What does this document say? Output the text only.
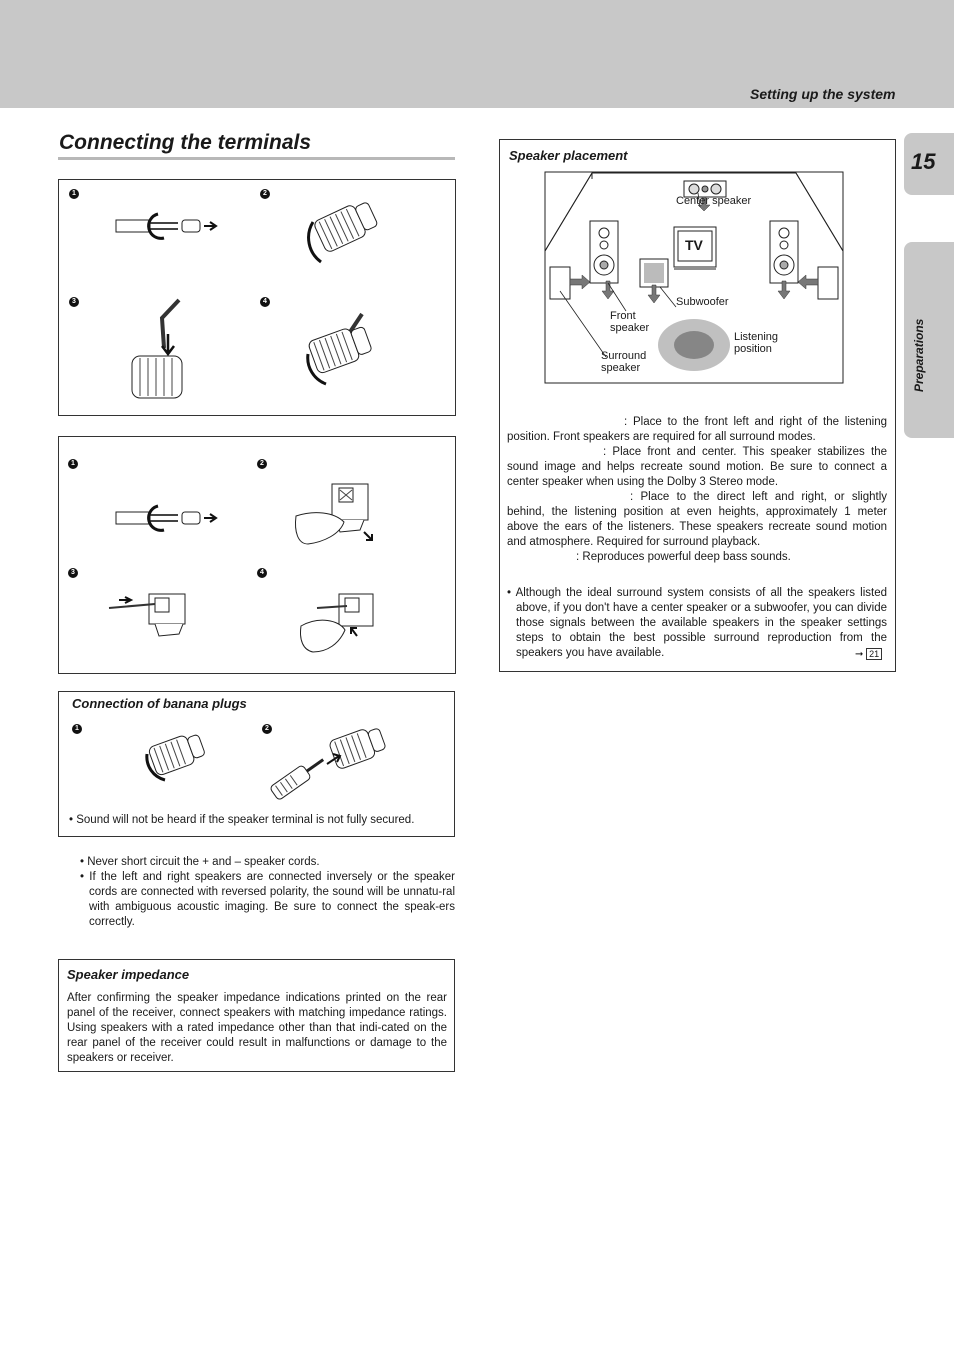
Setting up the system
15
Preparations
Connecting the terminals
1	2
3	4
1	2
3	4
Connection of banana plugs
1	2
• Sound will not be heard if the speaker terminal is not fully secured.
• Never short circuit the + and – speaker cords.
• If the left and right speakers are connected inversely or the speaker cords are connected with reversed polarity, the sound will be unnatu-ral with ambiguous acoustic imaging. Be sure to connect the speak-ers correctly.
Speaker impedance
After confirming the speaker impedance indications printed on the rear panel of the receiver, connect speakers with matching impedance ratings. Using speakers with a rated impedance other than that indi-cated on the rear panel of the receiver could result in malfunctions or damage to the speakers or receiver.
Speaker placement
Center speaker
TV
Subwoofer
Front speaker
Listening position
Surround speaker
: Place to the front left and right of the listening position. Front speakers are required for all surround modes.
: Place front and center. This speaker stabilizes the sound image and helps recreate sound motion. Be sure to connect a center speaker when using the Dolby 3 Stereo mode.
: Place to the direct left and right, or slightly behind, the listening position at even heights, approximately 1 meter above the ears of the listeners. These speakers recreate sound motion and atmosphere. Required for surround playback.
: Reproduces powerful deep bass sounds.
• Although the ideal surround system consists of all the speakers listed above, if you don't have a center speaker or a subwoofer, you can divide those signals between the available speakers in the speaker settings steps to obtain the best possible surround reproduction from the speakers you have available.	➞ 21
